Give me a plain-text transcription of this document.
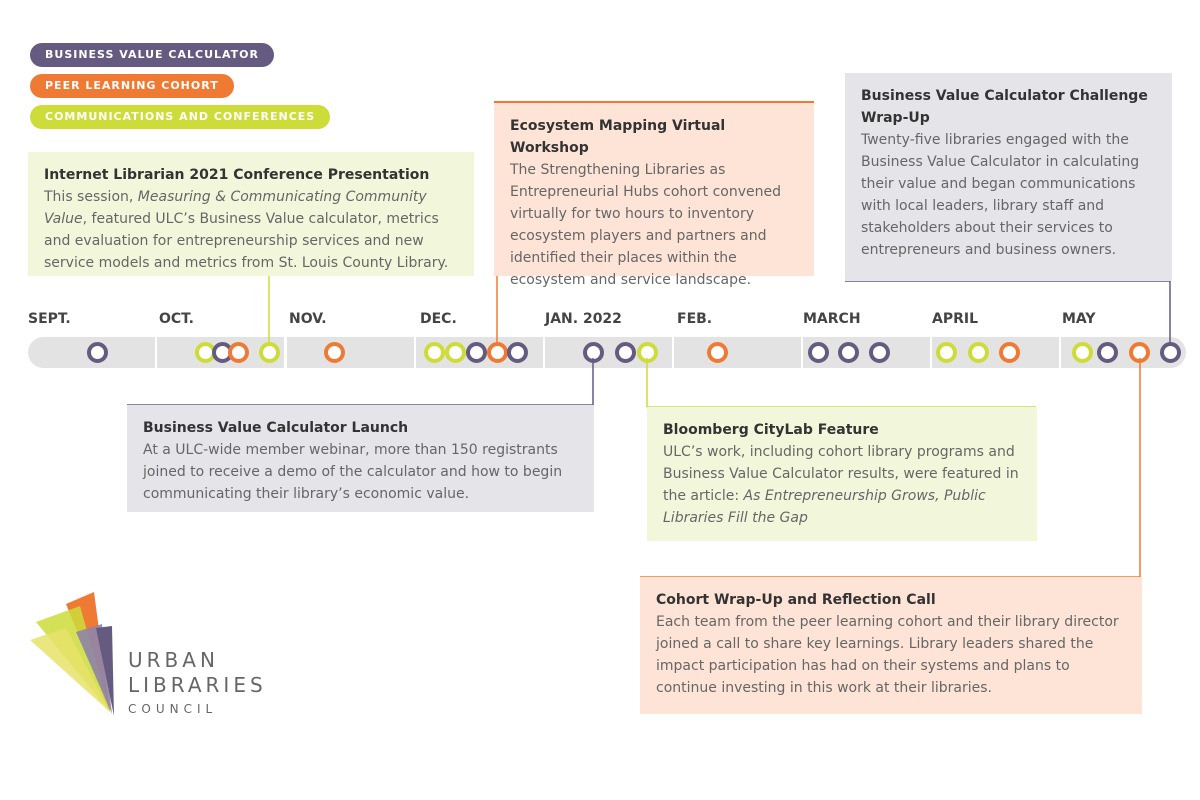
BUSINESS VALUE CALCULATOR
PEER LEARNING COHORT
COMMUNICATIONS AND CONFERENCES
SEPT.	OCT.	NOV.	DEC.	JAN. 2022	FEB.	MARCH	APRIL	MAY
Internet Librarian 2021 Conference Presentation
This session, Measuring & Communicating Community Value, featured ULC’s Business Value calculator, metrics and evaluation for entrepreneurship services and new service models and metrics from St. Louis County Library.
Ecosystem Mapping Virtual Workshop
The Strengthening Libraries as Entrepreneurial Hubs cohort convened virtually for two hours to inventory ecosystem players and partners and identified their places within the ecosystem and service landscape.
Business Value Calculator Challenge Wrap-Up
Twenty-five libraries engaged with the Business Value Calculator in calculating their value and began communications with local leaders, library staff and stakeholders about their services to entrepreneurs and business owners.
Business Value Calculator Launch
At a ULC-wide member webinar, more than 150 registrants joined to receive a demo of the calculator and how to begin communicating their library’s economic value.
Bloomberg CityLab Feature
ULC’s work, including cohort library programs and Business Value Calculator results, were featured in the article: As Entrepreneurship Grows, Public Libraries Fill the Gap
Cohort Wrap-Up and Reflection Call
Each team from the peer learning cohort and their library director joined a call to share key learnings. Library leaders shared the impact participation has had on their systems and plans to continue investing in this work at their libraries.
URBAN
LIBRARIES
COUNCIL
